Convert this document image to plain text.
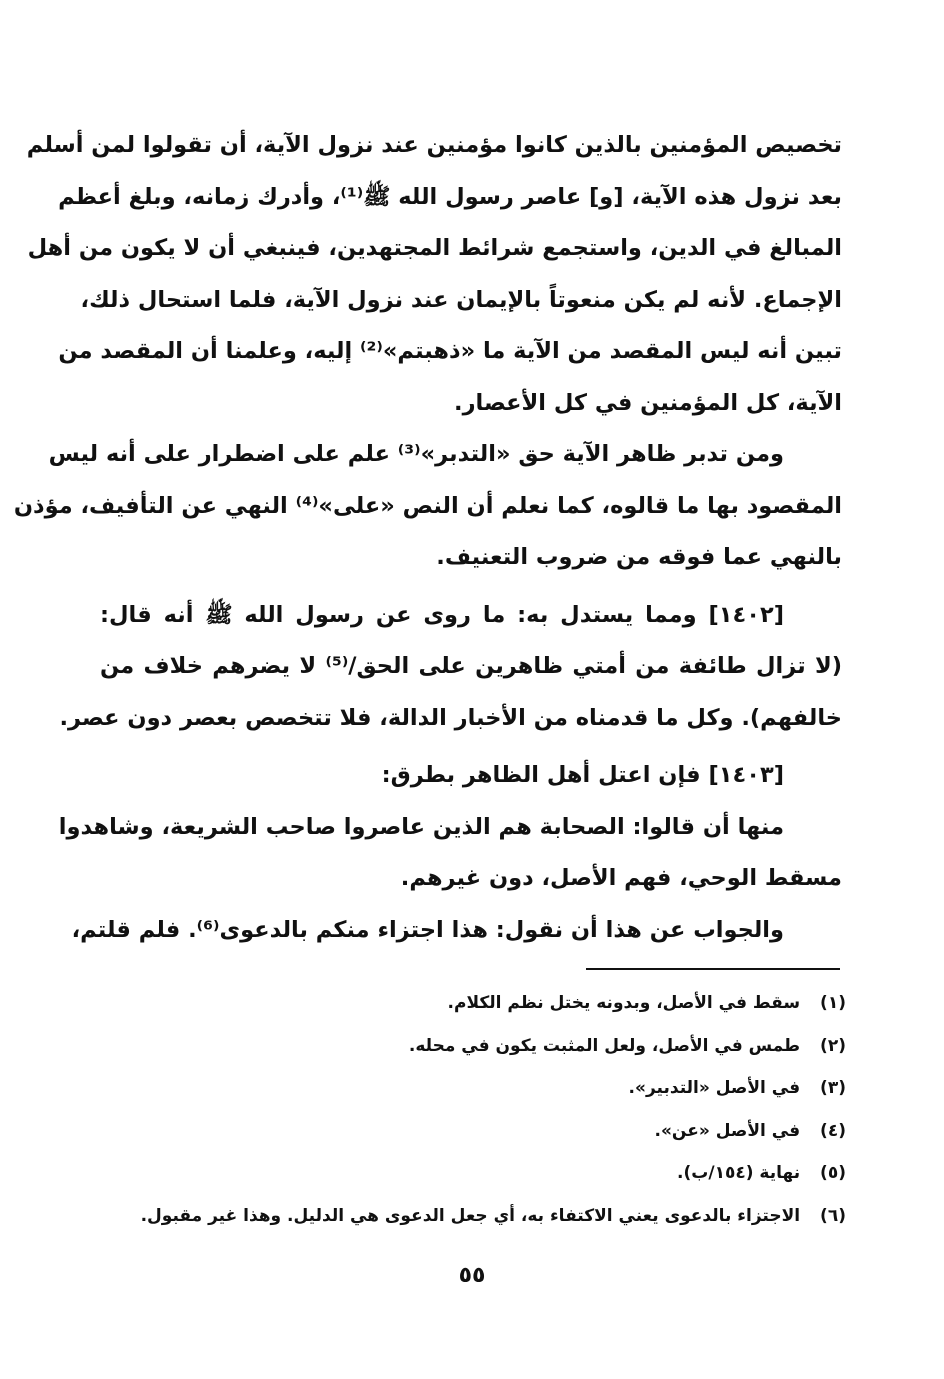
تخصيص المؤمنين بالذين كانوا مؤمنين عند نزول الآية، أن تقولوا لمن أسلم
بعد نزول هذه الآية، [و] عاصر رسول الله ﷺ⁽¹⁾، وأدرك زمانه، وبلغ أعظم
المبالغ في الدين، واستجمع شرائط المجتهدين، فينبغي أن لا يكون من أهل
الإجماع. لأنه لم يكن منعوتاً بالإيمان عند نزول الآية، فلما استحال ذلك،
تبين أنه ليس المقصد من الآية ما «ذهبتم»⁽²⁾ إليه، وعلمنا أن المقصد من
الآية، كل المؤمنين في كل الأعصار.
ومن تدبر ظاهر الآية حق «التدبر»⁽³⁾ علم على اضطرار على أنه ليس
المقصود بها ما قالوه، كما نعلم أن النص «على»⁽⁴⁾ النهي عن التأفيف، مؤذن
بالنهي عما فوقه من ضروب التعنيف.
[١٤٠٢] ومما يستدل به: ما روى عن رسول الله ﷺ أنه قال:
(لا تزال طائفة من أمتي ظاهرين على الحق/⁽⁵⁾ لا يضرهم خلاف من
خالفهم). وكل ما قدمناه من الأخبار الدالة، فلا تتخصص بعصر دون عصر.
[١٤٠٣] فإن اعتل أهل الظاهر بطرق:
منها أن قالوا: الصحابة هم الذين عاصروا صاحب الشريعة، وشاهدوا
مسقط الوحي، فهم الأصل، دون غيرهم.
والجواب عن هذا أن نقول: هذا اجتزاء منكم بالدعوى⁽⁶⁾. فلم قلتم،
(١) سقط في الأصل، وبدونه يختل نظم الكلام.
(٢) طمس في الأصل، ولعل المثبت يكون في محله.
(٣) في الأصل «التدبير».
(٤) في الأصل «عن».
(٥) نهاية (١٥٤/ب).
(٦) الاجتزاء بالدعوى يعني الاكتفاء به، أي جعل الدعوى هي الدليل. وهذا غير مقبول.
٥٥
